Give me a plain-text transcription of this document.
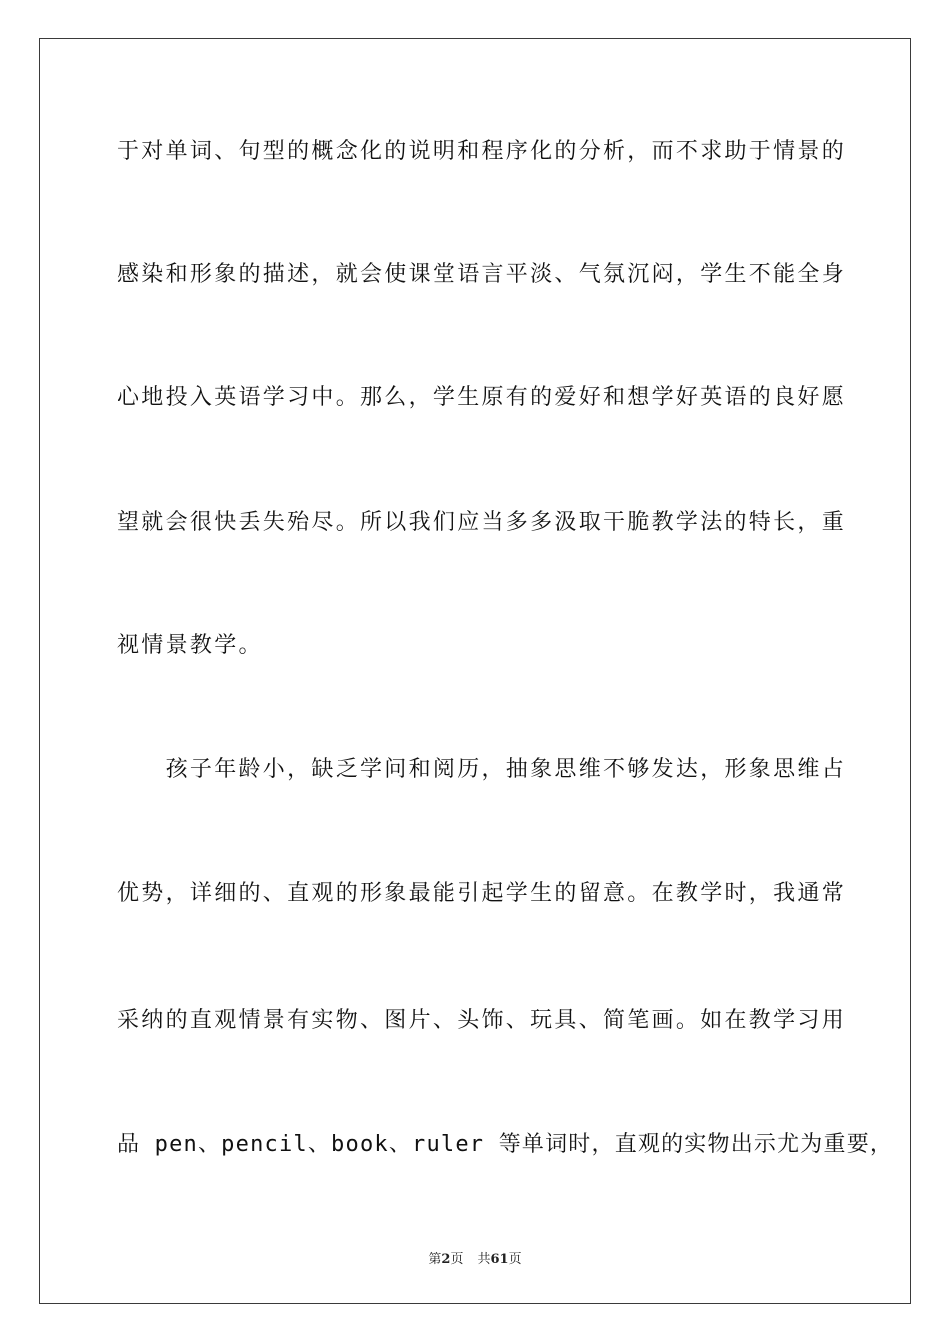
于对单词、句型的概念化的说明和程序化的分析，而不求助于情景的

感染和形象的描述，就会使课堂语言平淡、气氛沉闷，学生不能全身

心地投入英语学习中。那么，学生原有的爱好和想学好英语的良好愿

望就会很快丢失殆尽。所以我们应当多多汲取干脆教学法的特长，重

视情景教学。

　　孩子年龄小，缺乏学问和阅历，抽象思维不够发达，形象思维占

优势，详细的、直观的形象最能引起学生的留意。在教学时，我通常

采纳的直观情景有实物、图片、头饰、玩具、简笔画。如在教学习用

品 pen、pencil、book、ruler 等单词时，直观的实物出示尤为重要，

第2页 共61页
